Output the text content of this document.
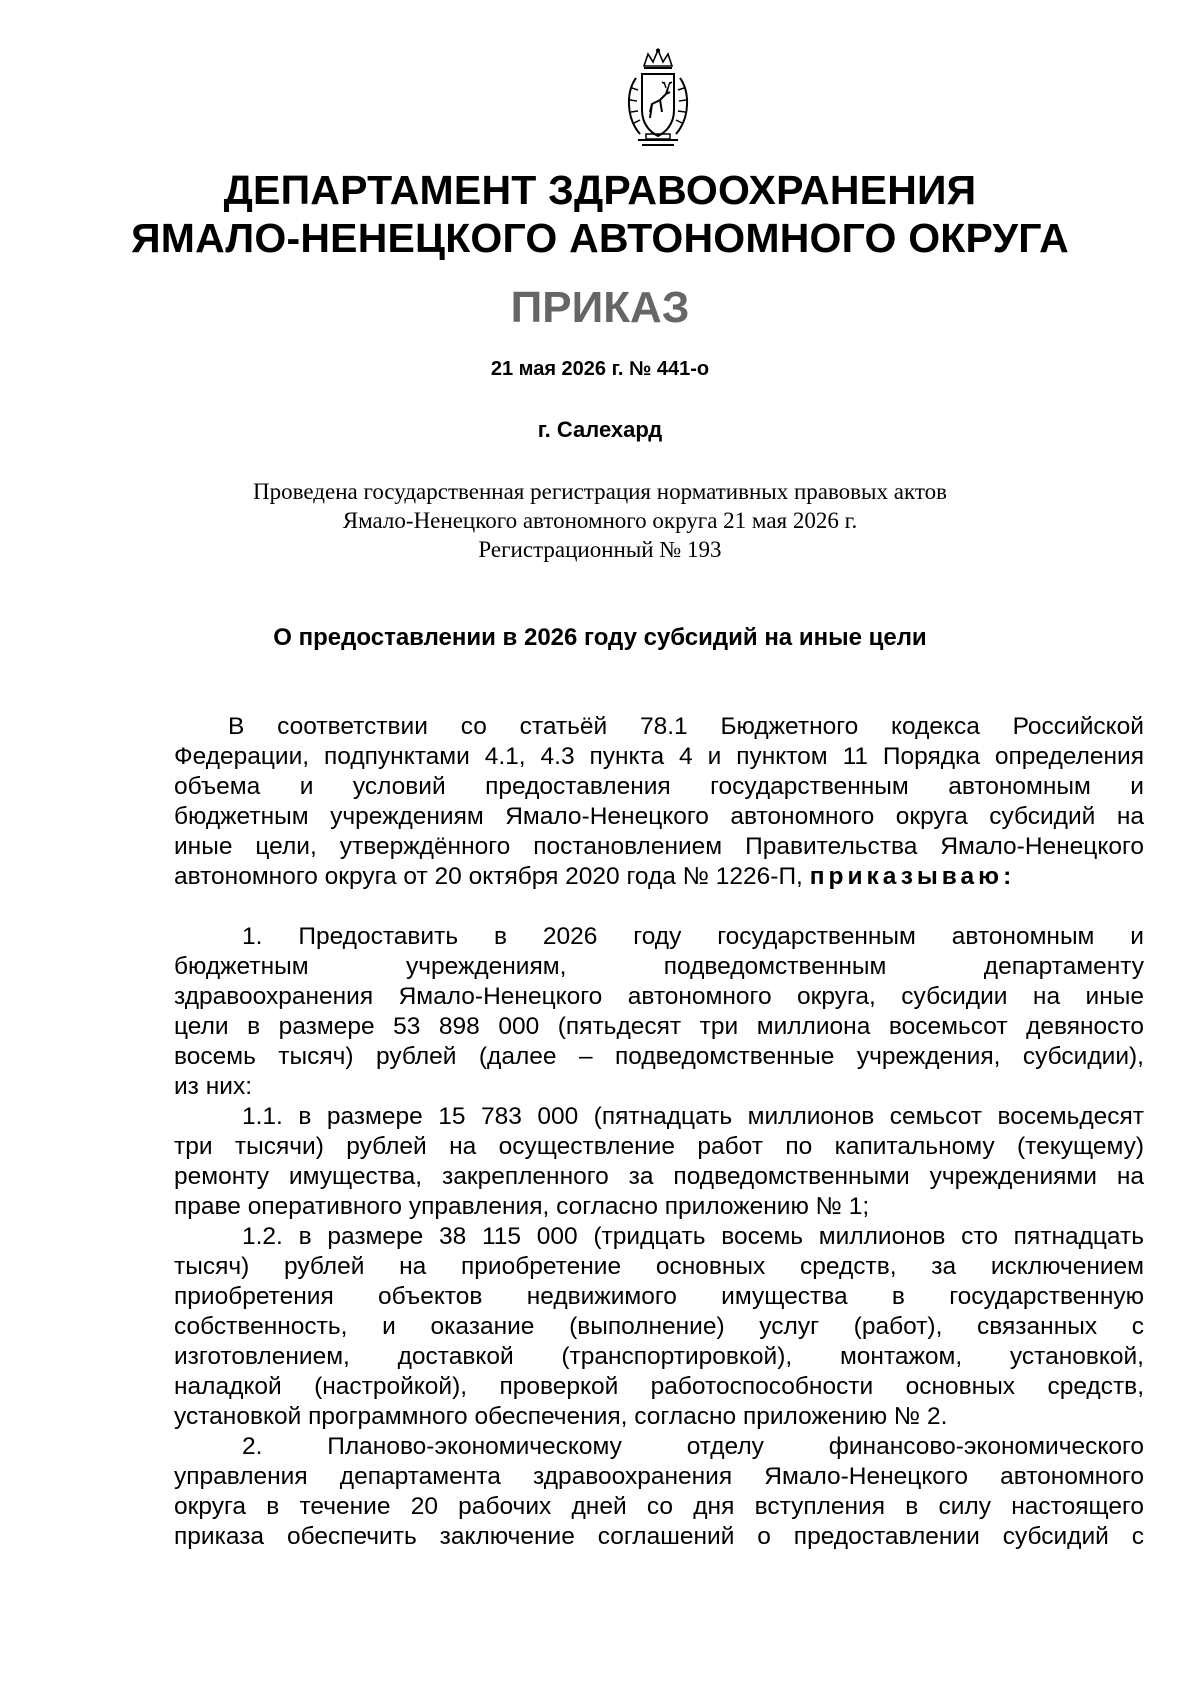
ДЕПАРТАМЕНТ ЗДРАВООХРАНЕНИЯ
ЯМАЛО-НЕНЕЦКОГО АВТОНОМНОГО ОКРУГА
ПРИКАЗ
21 мая 2026 г. № 441-о
г. Салехард
Проведена государственная регистрация нормативных правовых актов
Ямало-Ненецкого автономного округа 21 мая 2026 г.
Регистрационный № 193
О предоставлении в 2026 году субсидий на иные цели
В соответствии со статьёй 78.1 Бюджетного кодекса Российской
Федерации, подпунктами 4.1, 4.3 пункта 4 и пунктом 11 Порядка определения
объема и условий предоставления государственным автономным и
бюджетным учреждениям Ямало-Ненецкого автономного округа субсидий на
иные цели, утверждённого постановлением Правительства Ямало-Ненецкого
автономного округа от 20 октября 2020 года № 1226-П, приказываю:
1. Предоставить в 2026 году государственным автономным и
бюджетным учреждениям, подведомственным департаменту
здравоохранения Ямало-Ненецкого автономного округа, субсидии на иные
цели в размере 53 898 000 (пятьдесят три миллиона восемьсот девяносто
восемь тысяч) рублей (далее – подведомственные учреждения, субсидии),
из них:
1.1. в размере 15 783 000 (пятнадцать миллионов семьсот восемьдесят
три тысячи) рублей на осуществление работ по капитальному (текущему)
ремонту имущества, закрепленного за подведомственными учреждениями на
праве оперативного управления, согласно приложению № 1;
1.2. в размере 38 115 000 (тридцать восемь миллионов сто пятнадцать
тысяч) рублей на приобретение основных средств, за исключением
приобретения объектов недвижимого имущества в государственную
собственность, и оказание (выполнение) услуг (работ), связанных с
изготовлением, доставкой (транспортировкой), монтажом, установкой,
наладкой (настройкой), проверкой работоспособности основных средств,
установкой программного обеспечения, согласно приложению № 2.
2. Планово-экономическому отделу финансово-экономического
управления департамента здравоохранения Ямало-Ненецкого автономного
округа в течение 20 рабочих дней со дня вступления в силу настоящего
приказа обеспечить заключение соглашений о предоставлении субсидий с
